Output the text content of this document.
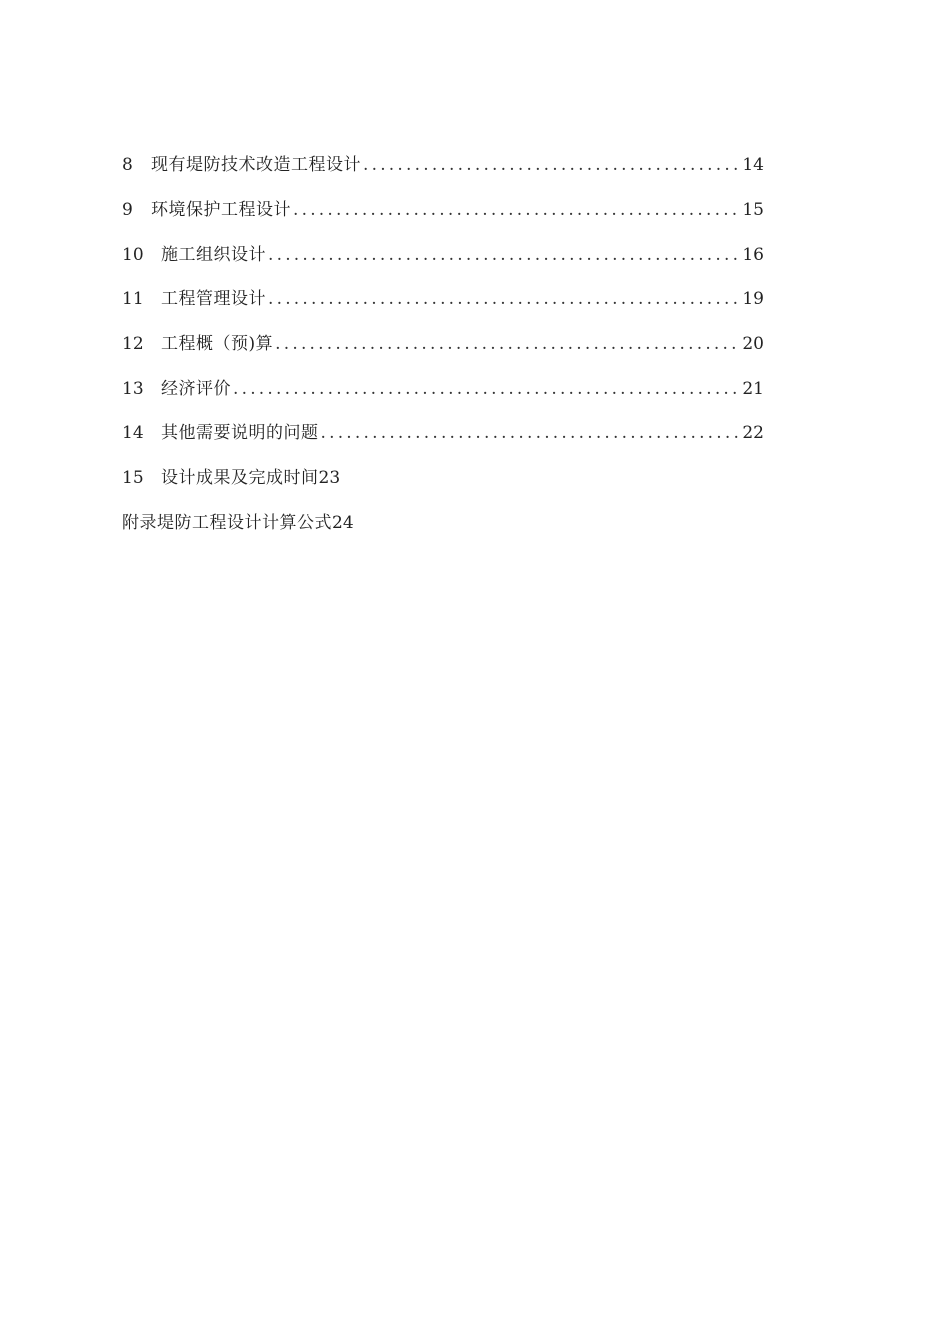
8	现有堤防技术改造工程设计 .....	14
9	环境保护工程设计 .....	15
10	施工组织设计 .....	16
11	工程管理设计 .....	19
12	工程概（预)算 .....	20
13	经济评价 .....	21
14	其他需要说明的问题 .....	22
15	设计成果及完成时间 23
附录堤防工程设计计算公式 24
